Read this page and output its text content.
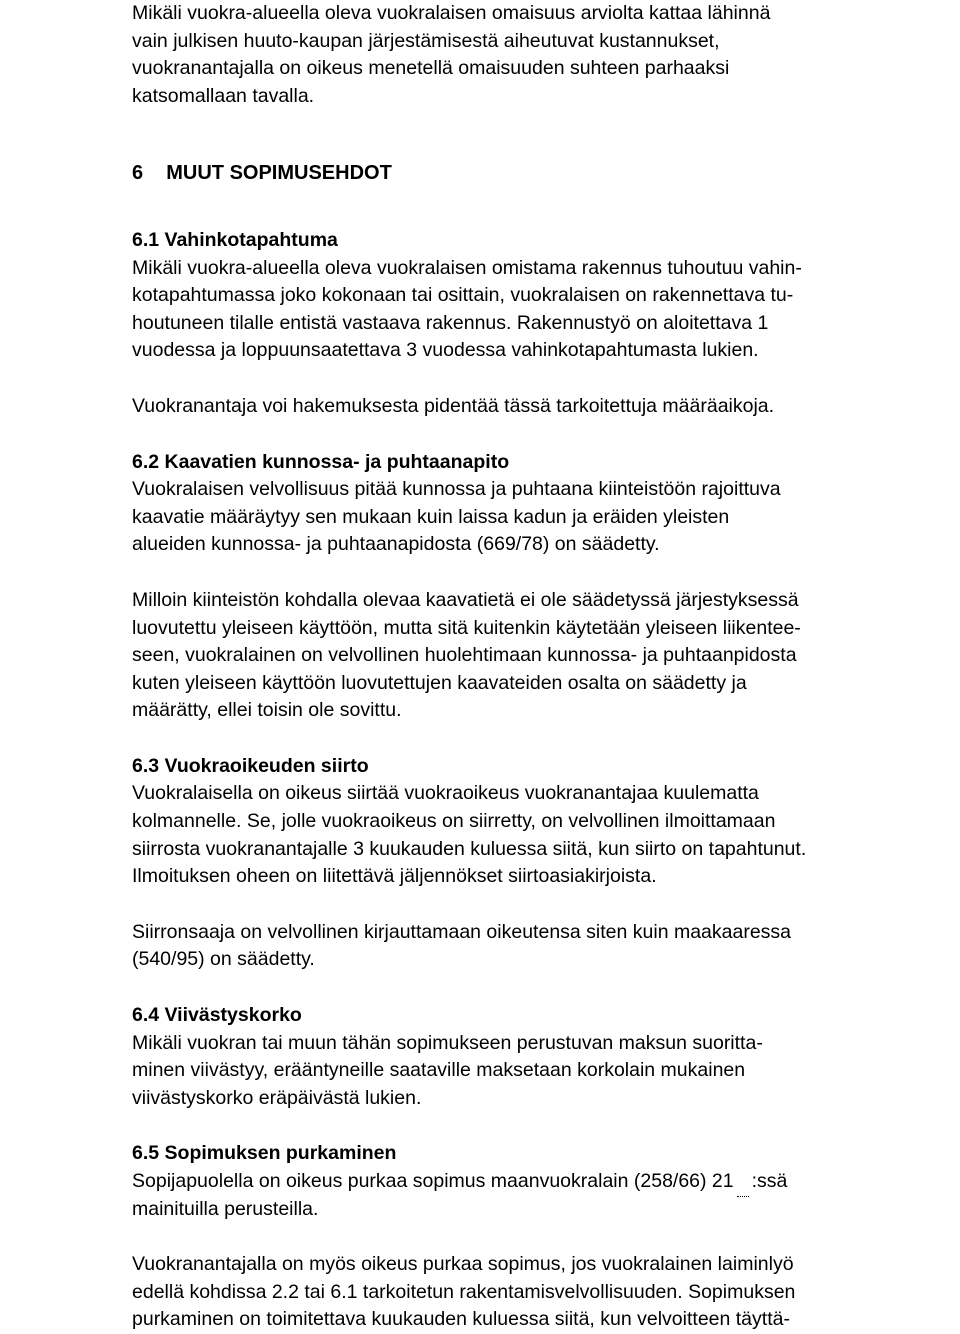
Mikäli vuokra-alueella oleva vuokralaisen omaisuus arviolta kattaa lähinnä
vain julkisen huuto-kaupan järjestämisestä aiheutuvat kustannukset,
vuokranantajalla on oikeus menetellä omaisuuden suhteen parhaaksi
katsomallaan tavalla.
6 MUUT SOPIMUSEHDOT
6.1 Vahinkotapahtuma
Mikäli vuokra-alueella oleva vuokralaisen omistama rakennus tuhoutuu vahin-
kotapahtumassa joko kokonaan tai osittain, vuokralaisen on rakennettava tu-
houtuneen tilalle entistä vastaava rakennus. Rakennustyö on aloitettava 1
vuodessa ja loppuunsaatettava 3 vuodessa vahinkotapahtumasta lukien.
Vuokranantaja voi hakemuksesta pidentää tässä tarkoitettuja määräaikoja.
6.2 Kaavatien kunnossa- ja puhtaanapito
Vuokralaisen velvollisuus pitää kunnossa ja puhtaana kiinteistöön rajoittuva
kaavatie määräytyy sen mukaan kuin laissa kadun ja eräiden yleisten
alueiden kunnossa- ja puhtaanapidosta (669/78) on säädetty.
Milloin kiinteistön kohdalla olevaa kaavatietä ei ole säädetyssä järjestyksessä
luovutettu yleiseen käyttöön, mutta sitä kuitenkin käytetään yleiseen liikentee-
seen, vuokralainen on velvollinen huolehtimaan kunnossa- ja puhtaanpidosta
kuten yleiseen käyttöön luovutettujen kaavateiden osalta on säädetty ja
määrätty, ellei toisin ole sovittu.
6.3 Vuokraoikeuden siirto
Vuokralaisella on oikeus siirtää vuokraoikeus vuokranantajaa kuulematta
kolmannelle. Se, jolle vuokraoikeus on siirretty, on velvollinen ilmoittamaan
siirrosta vuokranantajalle 3 kuukauden kuluessa siitä, kun siirto on tapahtunut.
Ilmoituksen oheen on liitettävä jäljennökset siirtoasiakirjoista.
Siirronsaaja on velvollinen kirjauttamaan oikeutensa siten kuin maakaaressa
(540/95) on säädetty.
6.4 Viivästyskorko
Mikäli vuokran tai muun tähän sopimukseen perustuvan maksun suoritta-
minen viivästyy, erääntyneille saataville maksetaan korkolain mukainen
viivästyskorko eräpäivästä lukien.
6.5 Sopimuksen purkaminen
Sopijapuolella on oikeus purkaa sopimus maanvuokralain (258/66) 21 :ssä
mainituilla perusteilla.
Vuokranantajalla on myös oikeus purkaa sopimus, jos vuokralainen laiminlyö
edellä kohdissa 2.2 tai 6.1 tarkoitetun rakentamisvelvollisuuden. Sopimuksen
purkaminen on toimitettava kuukauden kuluessa siitä, kun velvoitteen täyttä-
